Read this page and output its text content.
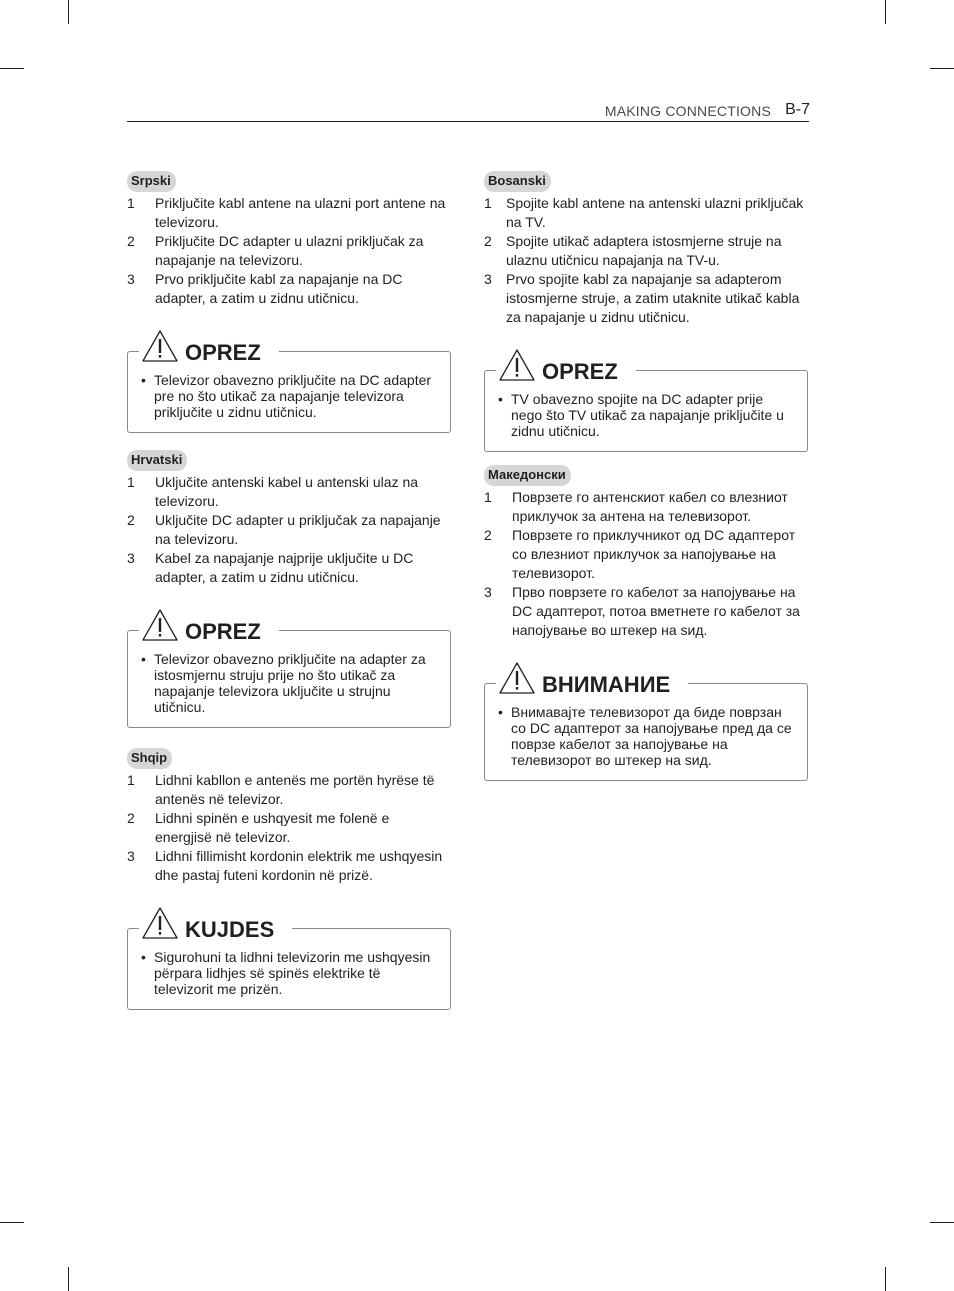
MAKING CONNECTIONS B-7
Srpski
1 Priključite kabl antene na ulazni port antene na televizoru.
2 Priključite DC adapter u ulazni priključak za napajanje na televizoru.
3 Prvo priključite kabl za napajanje na DC adapter, a zatim u zidnu utičnicu.
OPREZ
• Televizor obavezno priključite na DC adapter pre no što utikač za napajanje televizora priključite u zidnu utičnicu.
Hrvatski
1 Uključite antenski kabel u antenski ulaz na televizoru.
2 Uključite DC adapter u priključak za napajanje na televizoru.
3 Kabel za napajanje najprije uključite u DC adapter, a zatim u zidnu utičnicu.
OPREZ
• Televizor obavezno priključite na adapter za istosmjernu struju prije no što utikač za napajanje televizora uključite u strujnu utičnicu.
Shqip
1 Lidhni kabllon e antenës me portën hyrëse të antenës në televizor.
2 Lidhni spinën e ushqyesit me folenë e energjisë në televizor.
3 Lidhni fillimisht kordonin elektrik me ushqyesin dhe pastaj futeni kordonin në prizë.
KUJDES
• Sigurohuni ta lidhni televizorin me ushqyesin përpara lidhjes së spinës elektrike të televizorit me prizën.
Bosanski
1 Spojite kabl antene na antenski ulazni priključak na TV.
2 Spojite utikač adaptera istosmjerne struje na ulaznu utičnicu napajanja na TV-u.
3 Prvo spojite kabl za napajanje sa adapterom istosmjerne struje, a zatim utaknite utikač kabla za napajanje u zidnu utičnicu.
OPREZ
• TV obavezno spojite na DC adapter prije nego što TV utikač za napajanje priključite u zidnu utičnicu.
Македонски
1 Поврзете го антенскиот кабел со влезниот приклучок за антена на телевизорот.
2 Поврзете го приклучникот од DC адаптерот со влезниот приклучок за напојување на телевизорот.
3 Прво поврзете го кабелот за напојување на DC адаптерот, потоа вметнете го кабелот за напојување во штекер на ѕид.
ВНИМАНИЕ
• Внимавајте телевизорот да биде поврзан со DC адаптерот за напојување пред да се поврзе кабелот за напојување на телевизорот во штекер на ѕид.
